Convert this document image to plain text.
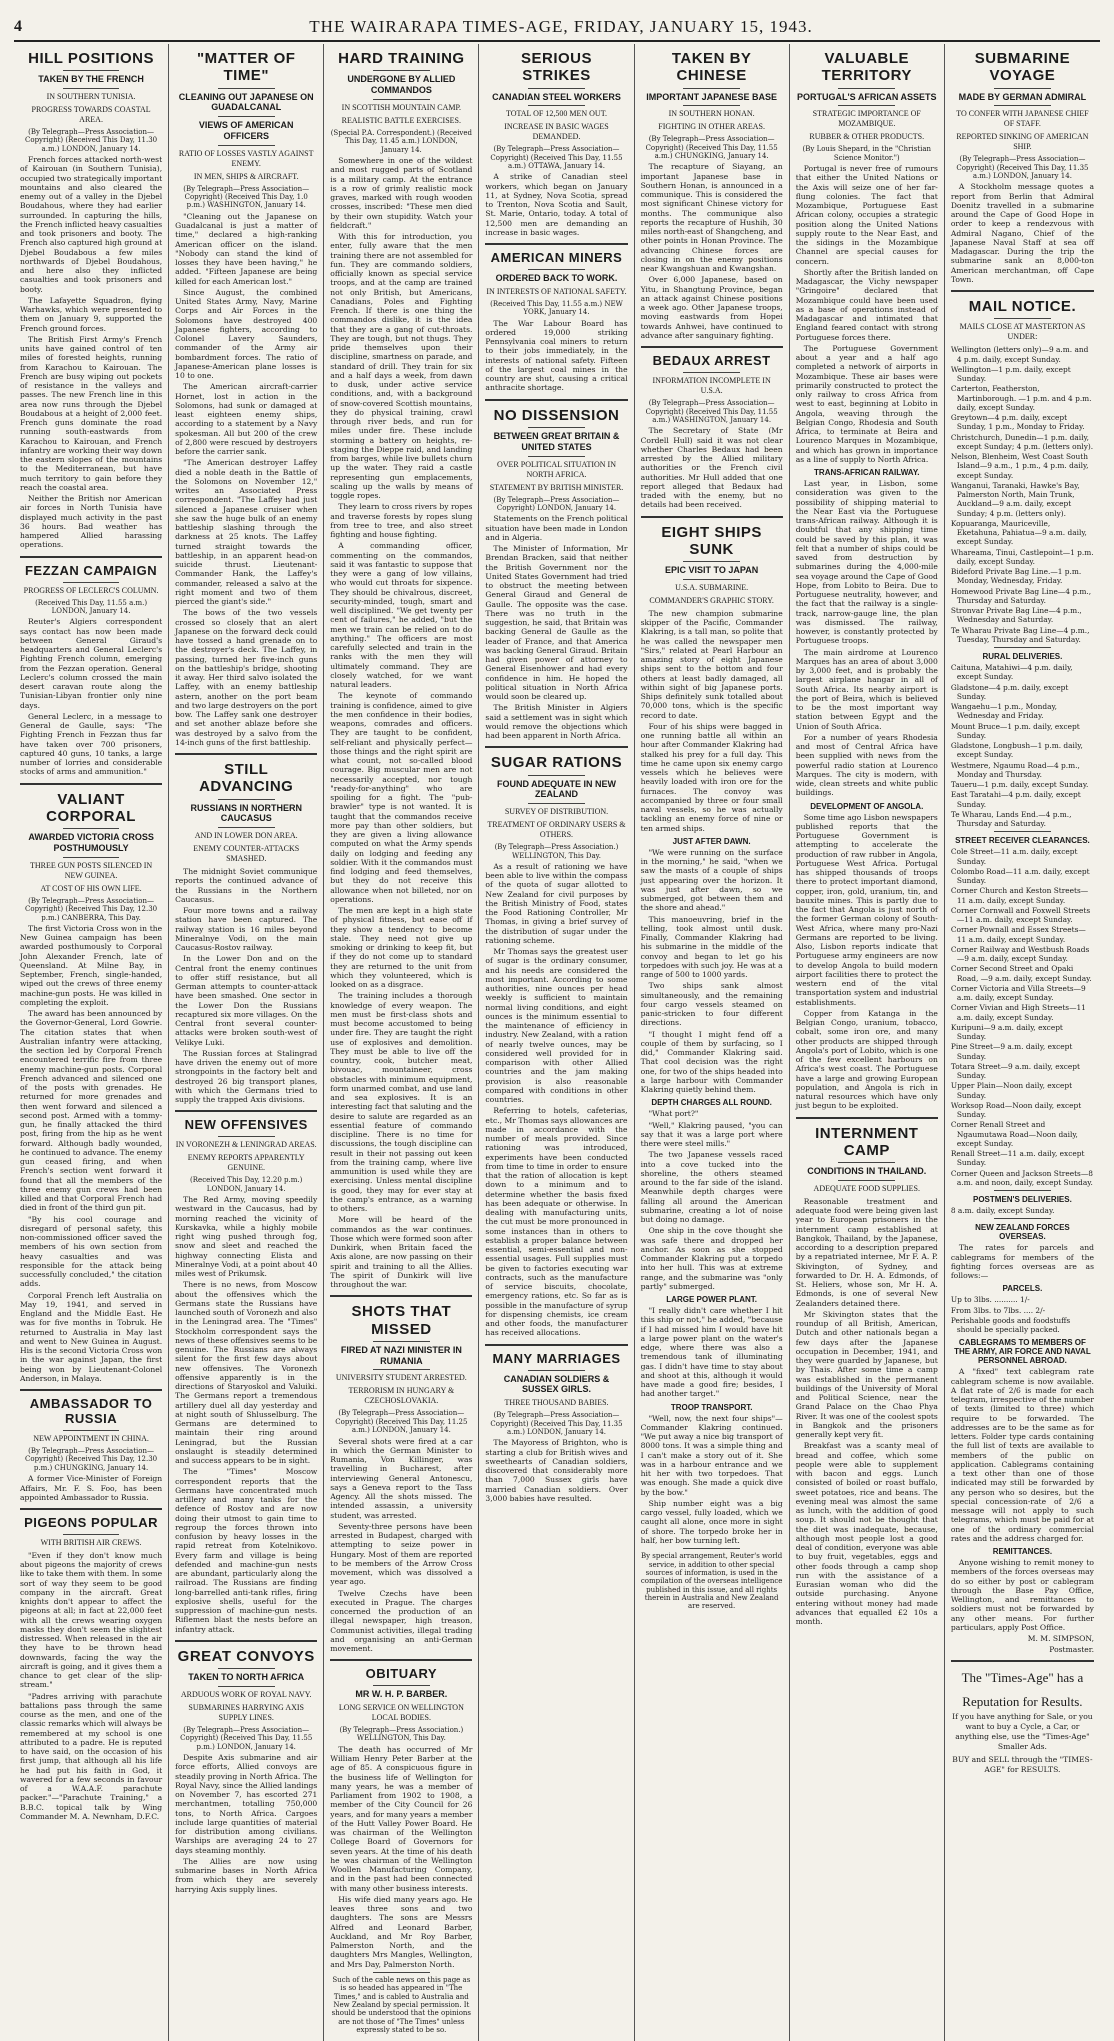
4	THE WAIRARAPA TIMES-AGE, FRIDAY, JANUARY 15, 1943.
HILL POSITIONS
TAKEN BY THE FRENCH
IN SOUTHERN TUNISIA.
PROGRESS TOWARDS COASTAL AREA.
(By Telegraph—Press Association—Copyright) (Received This Day, 11.30 a.m.) LONDON, January 14.

French forces attacked north-west of Kairouan (in Southern Tunisia), occupied two strategically important mountains and also cleared the enemy out of a valley in the Djebel Boudahous, where they had earlier surrounded. In capturing the hills, the French inflicted heavy casualties and took prisoners and booty. The French also captured high ground at Djebel Boudabous a few miles northwards of Djebel Boudahous, and here also they inflicted casualties and took prisoners and booty.

The Lafayette Squadron, flying Warhawks, which were presented to them on January 9, supported the French ground forces.

The British First Army's French units have gained control of ten miles of forested heights, running from Karachou to Kairouan. The French are busy wiping out pockets of resistance in the valleys and passes. The new French line in this area now runs through the Djebel Boudabous at a height of 2,000 feet. French guns dominate the road running south-eastwards from Karachou to Kairouan, and French infantry are working their way down the eastern slopes of the mountains to the Mediterranean, but have much territory to gain before they reach the coastal area.

Neither the British nor American air forces in North Tunisia have displayed much activity in the past 36 hours. Bad weather has hampered Allied harassing operations.

FEZZAN CAMPAIGN
PROGRESS OF LECLERC'S COLUMN.
(Received This Day, 11.55 a.m.) LONDON, January 14.

Reuter's Algiers correspondent says contact has now been made between General Giraud's headquarters and General Leclerc's Fighting French column, emerging from the Fezzan operation. General Leclerc's column crossed the main desert caravan route along the Tunisian-Libyan frontier only nine days.

General Leclerc, in a message to General de Gaulle, says: "The Fighting French in Fezzan thus far have taken over 700 prisoners, captured 40 guns, 10 tanks, a large number of lorries and considerable stocks of arms and ammunition."

VALIANT CORPORAL
AWARDED VICTORIA CROSS POSTHUMOUSLY
THREE GUN POSTS SILENCED IN NEW GUINEA.
AT COST OF HIS OWN LIFE.
(By Telegraph—Press Association—Copyright) (Received This Day, 12.30 p.m.) CANBERRA, This Day.

The first Victoria Cross won in the New Guinea campaign has been awarded posthumously to Corporal John Alexander French, late of Queensland. At Milne Bay, in September, French, single-handed, wiped out the crews of three enemy machine-gun posts. He was killed in completing the exploit.

The award has been announced by the Governor-General, Lord Gowrie. The citation states that when Australian infantry were attacking, the section led by Corporal French encountered terrific fire from three enemy machine-gun posts. Corporal French advanced and silenced one of the posts with grenades. He returned for more grenades and then went forward and silenced a second post. Armed with a tommy-gun, he finally attacked the third post, firing from the hip as he went forward. Although badly wounded, he continued to advance. The enemy gun ceased firing, and when French's section went forward it found that all the members of the three enemy gun crews had been killed and that Corporal French had died in front of the third gun pit.

"By his cool courage and disregard of personal safety, this non-commissioned officer saved the members of his own section from heavy casualties and was responsible for the attack being successfully concluded," the citation adds.

Corporal French left Australia on May 19, 1941, and served in England and the Middle East. He was for five months in Tobruk. He returned to Australia in May last and went to New Guinea in August. His is the second Victoria Cross won in the war against Japan, the first being won by Lieutenant-Colonel Anderson, in Malaya.

AMBASSADOR TO RUSSIA
NEW APPOINTMENT IN CHINA.
(By Telegraph—Press Association—Copyright) (Received This Day, 12.30 p.m.) CHUNGKING, January 14.

A former Vice-Minister of Foreign Affairs, Mr. F. S. Foo, has been appointed Ambassador to Russia.

PIGEONS POPULAR
WITH BRITISH AIR CREWS.

"Even if they don't know much about pigeons the majority of crews like to take them with them. In some sort of way they seem to be good company in the aircraft. Great knights don't appear to affect the pigeons at all; in fact at 22,000 feet with all the crews wearing oxygen masks they don't seem the slightest distressed. When released in the air they have to be thrown head downwards, facing the way the aircraft is going, and it gives them a chance to get clear of the slip-stream."

"Padres arriving with parachute battalions pass through the same course as the men, and one of the classic remarks which will always be remembered at my school is one attributed to a padre. He is reputed to have said, on the occasion of his first jump, that although all his life he had put his faith in God, it wavered for a few seconds in favour of a W.A.A.F. parachute packer."—"Parachute Training," a B.B.C. topical talk by Wing Commander M. A. Newnham, D.F.C.

"MATTER OF TIME"
CLEANING OUT JAPANESE ON GUADALCANAL
VIEWS OF AMERICAN OFFICERS
RATIO OF LOSSES VASTLY AGAINST ENEMY.
IN MEN, SHIPS & AIRCRAFT.
(By Telegraph—Press Association—Copyright) (Received This Day, 1.0 p.m.) WASHINGTON, January 14.

"Cleaning out the Japanese on Guadalcanal is just a matter of time," declared a high-ranking American officer on the island. "Nobody can stand the kind of losses they have been having," he added. "Fifteen Japanese are being killed for each American lost."

Since August, the combined United States Army, Navy, Marine Corps and Air Forces in the Solomons have destroyed 400 Japanese fighters, according to Colonel Lavery Saunders, commander of the Army air bombardment forces. The ratio of Japanese-American plane losses is 10 to one.

The American aircraft-carrier Hornet, lost in action in the Solomons, had sunk or damaged at least eighteen enemy ships, according to a statement by a Navy spokesman. All but 200 of the crew of 2,800 were rescued by destroyers before the carrier sank.

"The American destroyer Laffey died a noble death in the Battle of the Solomons on November 12," writes an Associated Press correspondent. "The Laffey had just silenced a Japanese cruiser when she saw the huge bulk of an enemy battleship slashing through the darkness at 25 knots. The Laffey turned straight towards the battleship, in an apparent head-on suicide thrust. Lieutenant-Commander Hank, the Laffey's commander, released a salvo at the right moment and two of them pierced the giant's side."

The bows of the two vessels crossed so closely that an alert Japanese on the forward deck could have tossed a hand grenade on to the destroyer's deck. The Laffey, in passing, turned her five-inch guns on the battleship's bridge, shooting it away. Her third salvo isolated the Laffey, with an enemy battleship astern, another on the port beam and two large destroyers on the port bow. The Laffey sank one destroyer and set another ablaze before she was destroyed by a salvo from the 14-inch guns of the first battleship.

STILL ADVANCING
RUSSIANS IN NORTHERN CAUCASUS
AND IN LOWER DON AREA.
ENEMY COUNTER-ATTACKS SMASHED.

The midnight Soviet communique reports the continued advance of the Russians in the Northern Caucasus.

Four more towns and a railway station have been captured. The railway station is 16 miles beyond Mineralnye Vodi, on the main Caucasus-Rostov railway.

In the Lower Don and on the Central front the enemy continues to offer stiff resistance, but all German attempts to counter-attack have been smashed. One sector in the Lower Don the Russians recaptured six more villages. On the Central front several counter-attacks were broken south-west of Velikye Luki.

The Russian forces at Stalingrad have driven the enemy out of more strongpoints in the factory belt and destroyed 26 big transport planes, with which the Germans tried to supply the trapped Axis divisions.

NEW OFFENSIVES
IN VORONEZH & LENINGRAD AREAS.
ENEMY REPORTS APPARENTLY GENUINE.
(Received This Day, 12.20 p.m.) LONDON, January 14.

The Red Army, moving speedily westward in the Caucasus, had by morning reached the vicinity of Kurskavka, while a highly mobile right wing pushed through fog, snow and sleet and reached the highway connecting Elista and Mineralnye Vodi, at a point about 40 miles west of Prikumsk.

There is no news, from Moscow about the offensives which the Germans state the Russians have launched south of Voronezh and also in the Leningrad area. The "Times" Stockholm correspondent says the news of these offensives seems to be genuine. The Russians are always silent for the first few days about new offensives. The Voronezh offensive apparently is in the directions of Staryoskol and Valuiki. The Germans report a tremendous artillery duel all day yesterday and at night south of Shlusselburg. The Germans are determined to maintain their ring around Leningrad, but the Russian onslaught is steadily determined and success appears to be in sight.

The "Times" Moscow correspondent reports that the Germans have concentrated much artillery and many tanks for the defence of Rostov and are now doing their utmost to gain time to regroup the forces thrown into confusion by heavy losses in the rapid retreat from Kotelnikovo. Every farm and village is being defended and machine-gun nests are abundant, particularly along the railroad. The Russians are finding long-barrelled anti-tank rifles, firing explosive shells, useful for the suppression of machine-gun nests. Riflemen blast the nests before an infantry attack.

GREAT CONVOYS
TAKEN TO NORTH AFRICA
ARDUOUS WORK OF ROYAL NAVY.
SUBMARINES HARRYING AXIS SUPPLY LINES.
(By Telegraph—Press Association—Copyright) (Received This Day, 11.55 p.m.) LONDON, January 14.

Despite Axis submarine and air force efforts, Allied convoys are steadily proving in North Africa. The Royal Navy, since the Allied landings on November 7, has escorted 271 merchantmen, totalling 750,000 tons, to North Africa. Cargoes include large quantities of material for distribution among civilians. Warships are averaging 24 to 27 days steaming monthly.

The Allies are now using submarine bases in North Africa from which they are severely harrying Axis supply lines.

HARD TRAINING
UNDERGONE BY ALLIED COMMANDOS
IN SCOTTISH MOUNTAIN CAMP.
REALISTIC BATTLE EXERCISES.
(Special P.A. Correspondent.) (Received This Day, 11.45 a.m.) LONDON, January 14.

Somewhere in one of the wildest and most rugged parts of Scotland is a military camp. At the entrance is a row of grimly realistic mock graves, marked with rough wooden crosses, inscribed: "These men died by their own stupidity. Watch your fieldcraft."

With this for introduction, you enter, fully aware that the men training there are not assembled for fun. They are commando soldiers, officially known as special service troops, and at the camp are trained not only British, but Americans, Canadians, Poles and Fighting French. If there is one thing the commandos dislike, it is the idea that they are a gang of cut-throats. They are tough, but not thugs. They pride themselves upon their discipline, smartness on parade, and standard of drill. They train for six and a half days a week, from dawn to dusk, under active service conditions, and, with a background of snow-covered Scottish mountains, they do physical training, crawl through river beds, and run for miles under fire. These include storming a battery on heights, re-staging the Dieppe raid, and landing from barges, while live bullets churn up the water. They raid a castle representing gun emplacements, scaling up the walls by means of toggle ropes.

They learn to cross rivers by ropes and traverse forests by ropes slung from tree to tree, and also street fighting and house fighting.

A commanding officer, commenting on the commandos, said it was fantastic to suppose that they were a gang of low villains, who would cut throats for sixpence. They should be chivalrous, discreet, security-minded, tough, smart and well disciplined. "We get twenty per cent of failures," he added, "but the men we train can be relied on to do anything." The officers are most carefully selected and train in the ranks with the men they will ultimately command. They are closely watched, for we want natural leaders.

The keynote of commando training is confidence, aimed to give the men confidence in their bodies, weapons, comrades and officers. They are taught to be confident, self-reliant and physically perfect—those things and the right spirit are what count, not so-called blood courage. Big muscular men are not necessarily accepted, nor tough "ready-for-anything" who are spoiling for a fight. The "pub-brawler" type is not wanted. It is taught that the commandos receive more pay than other soldiers, but they are given a living allowance computed on what the Army spends daily on lodging and feeding any soldier. With it the commandos must find lodging and feed themselves, but they do not receive this allowance when not billeted, nor on operations.

The men are kept in a high state of physical fitness, but ease off if they show a tendency to become stale. They need not give up smoking or drinking to keep fit, but if they do not come up to standard they are returned to the unit from which they volunteered, which is looked on as a disgrace.

The training includes a thorough knowledge of every weapon. The men must be first-class shots and must become accustomed to being under fire. They are taught the right use of explosives and demolition. They must be able to live off the country, cook, butcher meat, bivouac, mountaineer, cross obstacles with minimum equipment, form unarmed combat, and use land and sea explosives. It is an interesting fact that saluting and the desire to salute are regarded as an essential feature of commando discipline. There is no time for discussions, the tough discipline can result in their not passing out keen from the training camp, where live ammunition is used while they are exercising. Unless mental discipline is good, they may for ever stay at the camp's entrance, as a warning to others.

More will be heard of the commandos as the war continues. Those which were formed soon after Dunkirk, when Britain faced the Axis alone, are now passing on their spirit and training to all the Allies. The spirit of Dunkirk will live throughout the war.

SHOTS THAT MISSED
FIRED AT NAZI MINISTER IN RUMANIA
UNIVERSITY STUDENT ARRESTED.
TERRORISM IN HUNGARY & CZECHOSLOVAKIA.
(By Telegraph—Press Association—Copyright) (Received This Day, 11.25 a.m.) LONDON, January 14.

Several shots were fired at a car in which the German Minister to Rumania, Von Killinger, was travelling in Bucharest, after interviewing General Antonescu, says a Geneva report to the Tass Agency. All the shots missed. The intended assassin, a university student, was arrested.

Seventy-three persons have been arrested in Budapest, charged with attempting to seize power in Hungary. Most of them are reported to be members of the Arrow Cross movement, which was dissolved a year ago.

Twelve Czechs have been executed in Prague. The charges concerned the production of an illegal newspaper, high treason, Communist activities, illegal trading and organising an anti-German movement.

OBITUARY
MR W. H. P. BARBER.
LONG SERVICE ON WELLINGTON LOCAL BODIES.
(By Telegraph—Press Association.) WELLINGTON, This Day.

The death has occurred of Mr William Henry Peter Barber at the age of 85. A conspicuous figure in the business life of Wellington for many years, he was a member of Parliament from 1902 to 1908, a member of the City Council for 26 years, and for many years a member of the Hutt Valley Power Board. He was chairman of the Wellington College Board of Governors for seven years. At the time of his death he was chairman of the Wellington Woollen Manufacturing Company, and in the past had been connected with many other business interests.

His wife died many years ago. He leaves three sons and two daughters. The sons are Messrs Alfred and Leonard Barber, Auckland, and Mr Roy Barber, Palmerston North, and the daughters Mrs Mangles, Wellington, and Mrs Day, Palmerston North.

Such of the cable news on this page as is so headed has appeared in "The Times," and is cabled to Australia and New Zealand by special permission. It should be understood that the opinions are not those of "The Times" unless expressly stated to be so.

SERIOUS STRIKES
CANADIAN STEEL WORKERS
TOTAL OF 12,500 MEN OUT.
INCREASE IN BASIC WAGES DEMANDED.
(By Telegraph—Press Association—Copyright) (Received This Day, 11.55 a.m.) OTTAWA, January 14.

A strike of Canadian steel workers, which began on January 11, at Sydney, Nova Scotia, spread to Trenton, Nova Scotia and Sault, St. Marie, Ontario, today. A total of 12,500 men are demanding an increase in basic wages.

AMERICAN MINERS
ORDERED BACK TO WORK.
IN INTERESTS OF NATIONAL SAFETY.
(Received This Day, 11.55 a.m.) NEW YORK, January 14.

The War Labour Board has ordered 19,000 striking Pennsylvania coal miners to return to their jobs immediately, in the interests of national safety. Fifteen of the largest coal mines in the country are shut, causing a critical anthracite shortage.

NO DISSENSION
BETWEEN GREAT BRITAIN & UNITED STATES
OVER POLITICAL SITUATION IN NORTH AFRICA.
STATEMENT BY BRITISH MINISTER.
(By Telegraph—Press Association—Copyright) LONDON, January 14.

Statements on the French political situation have been made in London and in Algeria.

The Minister of Information, Mr Brendan Bracken, said that neither the British Government nor the United States Government had tried to obstruct the meeting between General Giraud and General de Gaulle. The opposite was the case. There was no truth in the suggestion, he said, that Britain was backing General de Gaulle as the leader of France, and that America was backing General Giraud. Britain had given power of attorney to General Eisenhower and had every confidence in him. He hoped the political situation in North Africa would soon be cleared up.

The British Minister in Algiers said a settlement was in sight which would remove the objections which had been apparent in North Africa.

SUGAR RATIONS
FOUND ADEQUATE IN NEW ZEALAND
SURVEY OF DISTRIBUTION.
TREATMENT OF ORDINARY USERS & OTHERS.
(By Telegraph—Press Association.) WELLINGTON, This Day.

As a result of rationing we have been able to live within the compass of the quota of sugar allotted to New Zealand for civil purposes by the British Ministry of Food, states the Food Rationing Controller, Mr Thomas, in giving a brief survey of the distribution of sugar under the rationing scheme.

Mr Thomas says the greatest user of sugar is the ordinary consumer, and his needs are considered the most important. According to some authorities, nine ounces per head weekly is sufficient to maintain normal living conditions, and eight ounces is the minimum essential to the maintenance of efficiency in industry. New Zealand, with a ration of nearly twelve ounces, may be considered well provided for in comparison with other Allied countries and the jam making provision is also reasonable compared with conditions in other countries.

Referring to hotels, cafeterias, etc., Mr Thomas says allowances are made in accordance with the number of meals provided. Since rationing was introduced, experiments have been conducted from time to time in order to ensure that the ration of allocation is kept down to a minimum and to determine whether the basis fixed has been adequate or otherwise. In dealing with manufacturing units, the cut must be more pronounced in some instances than in others to establish a proper balance between essential, semi-essential and non-essential usages. Full supplies must be given to factories executing war contracts, such as the manufacture of service biscuits, chocolate, emergency rations, etc. So far as is possible in the manufacture of syrup for dispensing chemists, ice cream and other foods, the manufacturer has received allocations.

MANY MARRIAGES
CANADIAN SOLDIERS & SUSSEX GIRLS.
THREE THOUSAND BABIES.
(By Telegraph—Press Association—Copyright) (Received This Day, 11.35 a.m.) LONDON, January 14.

The Mayoress of Brighton, who is starting a club for British wives and sweethearts of Canadian soldiers, discovered that considerably more than 7,000 Sussex girls have married Canadian soldiers. Over 3,000 babies have resulted.

TAKEN BY CHINESE
IMPORTANT JAPANESE BASE
IN SOUTHERN HONAN.
FIGHTING IN OTHER AREAS.
(By Telegraph—Press Association—Copyright) (Received This Day, 11.55 a.m.) CHUNGKING, January 14.

The recapture of Siayang, an important Japanese base in Southern Honan, is announced in a communique. This is considered the most significant Chinese victory for months. The communique also reports the recapture of Hushih, 30 miles north-east of Shangcheng, and other points in Honan Province. The advancing Chinese forces are closing in on the enemy positions near Kwangshuan and Kwangshan.

Over 6,000 Japanese, based on Yitu, in Shangtung Province, began an attack against Chinese positions a week ago. Other Japanese troops, moving eastwards from Hopei towards Anhwei, have continued to advance after sanguinary fighting.

BEDAUX ARREST
INFORMATION INCOMPLETE IN U.S.A.
(By Telegraph—Press Association—Copyright) (Received This Day, 11.55 a.m.) WASHINGTON, January 14.

The Secretary of State (Mr Cordell Hull) said it was not clear whether Charles Bedaux had been arrested by the Allied military authorities or the French civil authorities. Mr Hull added that one report alleged that Bedaux had traded with the enemy, but no details had been received.

EIGHT SHIPS SUNK
EPIC VISIT TO JAPAN
U.S.A. SUBMARINE.
COMMANDER'S GRAPHIC STORY.

The new champion submarine skipper of the Pacific, Commander Klakring, is a tall man, so polite that he was called the newspaper men "Sirs," related at Pearl Harbour an amazing story of eight Japanese ships sent to the bottom and four others at least badly damaged, all within sight of big Japanese ports. Ships definitely sunk totalled about 70,000 tons, which is the specific record to date.

Four of his ships were bagged in one running battle all within an hour after Commander Klakring had stalked his prey for a full day. This time he came upon six enemy cargo vessels which he believes were heavily loaded with iron ore for the furnaces. The convoy was accompanied by three or four small naval vessels, so he was actually tackling an enemy force of nine or ten armed ships.

JUST AFTER DAWN.

"We were running on the surface in the morning," he said, "when we saw the masts of a couple of ships just appearing over the horizon. It was just after dawn, so we submerged, got between them and the shore and ahead."

This manoeuvring, brief in the telling, took almost until dusk. Finally, Commander Klakring had his submarine in the middle of the convoy and began to let go his torpedoes with such joy. He was at a range of 500 to 1000 yards.

Two ships sank almost simultaneously, and the remaining four cargo vessels steamed on panic-stricken to four different directions.

"I thought I might fend off a couple of them by surfacing, so I did," Commander Klakring said. That cool decision was the right one, for two of the ships headed into a large harbour with Commander Klakring quietly behind them.

DEPTH CHARGES ALL ROUND.

"What port?"

"Well," Klakring paused, "you can say that it was a large port where there were steel mills."

The two Japanese vessels raced into a cove tucked into the shoreline, the others steamed around to the far side of the island. Meanwhile depth charges were falling all around the American submarine, creating a lot of noise but doing no damage.

One ship in the cove thought she was safe there and dropped her anchor. As soon as she stopped Commander Klakring put a torpedo into her hull. This was at extreme range, and the submarine was "only partly" submerged.

LARGE POWER PLANT.

"I really didn't care whether I hit this ship or not," he added, "because if I had missed him I would have hit a large power plant on the water's edge, where there was also a tremendous tank of illuminating gas. I didn't have time to stay about and shoot at this, although it would have made a good fire; besides, I had another target."

TROOP TRANSPORT.

"Well, now, the next four ships"—Commander Klakring continued. "We put away a nice big transport of 8000 tons. It was a simple thing and I can't make a story out of it. She was in a harbour entrance and we hit her with two torpedoes. That was enough. She made a quick dive by the bow."

Ship number eight was a big cargo vessel, fully loaded, which we caught all alone, once more in sight of shore. The torpedo broke her in half, her bow turning left.

By special arrangement, Reuter's world service, in addition to other special sources of information, is used in the compilation of the overseas intelligence published in this issue, and all rights therein in Australia and New Zealand are reserved.

VALUABLE TERRITORY
PORTUGAL'S AFRICAN ASSETS
STRATEGIC IMPORTANCE OF MOZAMBIQUE.
RUBBER & OTHER PRODUCTS.
(By Louis Shepard, in the "Christian Science Monitor.")

Portugal is never free of rumours that either the United Nations or the Axis will seize one of her far-flung colonies. The fact that Mozambique, Portuguese East African colony, occupies a strategic position along the United Nations supply route to the Near East, and the sidings in the Mozambique Channel are special causes for concern.

Shortly after the British landed on Madagascar, the Vichy newspaper "Gringoire" declared that Mozambique could have been used as a base of operations instead of Madagascar and intimated that England feared contact with strong Portuguese forces there.

The Portuguese Government about a year and a half ago completed a network of airports in Mozambique. These air bases were primarily constructed to protect the only railway to cross Africa from west to east, beginning at Lobito in Angola, weaving through the Belgian Congo, Rhodesia and South Africa, to terminate at Beira and Lourenco Marques in Mozambique, and which has grown in importance as a line of supply to North Africa.

TRANS-AFRICAN RAILWAY.

Last year, in Lisbon, some consideration was given to the possibility of shipping material to the Near East via the Portuguese trans-African railway. Although it is doubtful that any shipping time could be saved by this plan, it was felt that a number of ships could be saved from destruction by submarines during the 4,000-mile sea voyage around the Cape of Good Hope, from Lobito to Beira. Due to Portuguese neutrality, however, and the fact that the railway is a single-track, narrow-gauge line, the plan was dismissed. The railway, however, is constantly protected by Portuguese troops.

The main airdrome at Lourenco Marques has an area of about 3,000 by 3,000 feet, and is probably the largest airplane hangar in all of South Africa. Its nearby airport is the port of Beira, which is believed to be the most important way station between Egypt and the Union of South Africa.

For a number of years Rhodesia and most of Central Africa have been supplied with news from the powerful radio station at Lourenco Marques. The city is modern, with wide, clean streets and white public buildings.

DEVELOPMENT OF ANGOLA.

Some time ago Lisbon newspapers published reports that the Portuguese Government is attempting to accelerate the production of raw rubber in Angola, Portuguese West Africa. Portugal has shipped thousands of troops there to protect important diamond, copper, iron, gold, uranium, tin, and bauxite mines. This is partly due to the fact that Angola is just north of the former German colony of South-West Africa, where many pro-Nazi Germans are reported to be living. Also, Lisbon reports indicate that Portuguese army engineers are now to develop Angola to build modern airport facilities there to protect the western end of the vital transportation system and industrial establishments.

Copper from Katanga in the Belgian Congo, uranium, tobacco, cobalt, some iron ore, and many other products are shipped through Angola's port of Lobito, which is one of the few excellent harbours on Africa's west coast. The Portuguese have a large and growing European population, and Angola is rich in natural resources which have only just begun to be exploited.

INTERNMENT CAMP
CONDITIONS IN THAILAND.
ADEQUATE FOOD SUPPLIES.

Reasonable treatment and adequate food were being given last year to European prisoners in the internment camp established at Bangkok, Thailand, by the Japanese, according to a description prepared by a repatriated internee, Mr F. A. P. Skivington, of Sydney, and forwarded to Dr. H. A. Edmonds, of St. Heliers, whose son, Mr H. A. Edmonds, is one of several New Zealanders detained there.

Mr Skivington states that the roundup of all British, American, Dutch and other nationals began a few days after the Japanese occupation in December, 1941, and they were guarded by Japanese, but by Thais. After some time a camp was established in the permanent buildings of the University of Moral and Political Science, near the Grand Palace on the Chao Phya River. It was one of the coolest spots in Bangkok and the prisoners generally kept very fit.

Breakfast was a scanty meal of bread and coffee, which some people were able to supplement with bacon and eggs. Lunch consisted of boiled or roast buffalo, sweet potatoes, rice and beans. The evening meal was almost the same as lunch, with the addition of good soup. It should not be thought that the diet was inadequate, because, although most people lost a good deal of condition, everyone was able to buy fruit, vegetables, eggs and other foods through a camp shop run with the assistance of a Eurasian woman who did the outside purchasing. Anyone entering without money had made advances that equalled £2 10s a month.

SUBMARINE VOYAGE
MADE BY GERMAN ADMIRAL
TO CONFER WITH JAPANESE CHIEF OF STAFF.
REPORTED SINKING OF AMERICAN SHIP.
(By Telegraph—Press Association—Copyright) (Received This Day, 11.35 a.m.) LONDON, January 14.

A Stockholm message quotes a report from Berlin that Admiral Doenitz travelled in a submarine around the Cape of Good Hope in order to keep a rendezvous with Admiral Nagano, Chief of the Japanese Naval Staff at sea off Madagascar. During the trip the submarine sank an 8,000-ton American merchantman, off Cape Town.

MAIL NOTICE.
MAILS CLOSE AT MASTERTON AS UNDER:

Wellington (letters only)—9 a.m. and 4 p.m. daily, except Sunday.

Wellington—1 p.m. daily, except Sunday.

Carterton, Featherston, Martinborough. —1 p.m. and 4 p.m. daily, except Sunday.

Greytown—4 p.m. daily, except Sunday, 1 p.m., Monday to Friday.

Christchurch, Dunedin—1 p.m. daily, except Sunday; 4 p.m. (letters only).

Nelson, Blenheim, West Coast South Island—9 a.m., 1 p.m., 4 p.m. daily, except Sunday.

Wanganui, Taranaki, Hawke's Bay, Palmerston North, Main Trunk, Auckland—9 a.m. daily, except Sunday; 4 p.m. (letters only).

Kopuaranga, Mauriceville, Eketahuna, Pahiatua—9 a.m. daily, except Sunday.

Whareama, Tinui, Castlepoint—1 p.m. daily, except Sunday.

Bideford Private Bag Line.—1 p.m. Monday, Wednesday, Friday.

Homewood Private Bag Line—4 p.m., Thursday and Saturday.

Stronvar Private Bag Line—4 p.m., Wednesday and Saturday.

Te Wharau Private Bag Line—4 p.m., Tuesday, Thursday and Saturday.

RURAL DELIVERIES.

Caituna, Matahiwi—4 p.m. daily, except Sunday.

Gladstone—4 p.m. daily, except Sunday.

Wangaehu—1 p.m., Monday, Wednesday and Friday.

Mount Bruce—1 p.m. daily, except Sunday.

Gladstone, Longbush—1 p.m. daily, except Sunday.

Westmere, Ngaumu Road—4 p.m., Monday and Thursday.

Taueru—1 p.m. daily, except Sunday.

East Taratahi—4 p.m. daily, except Sunday.

Te Wharau, Lands End.—4 p.m., Thursday and Saturday.

STREET RECEIVER CLEARANCES.

Cole Street—11 a.m. daily, except Sunday.

Colombo Road—11 a.m. daily, except Sunday.

Corner Church and Keston Streets—11 a.m. daily, except Sunday.

Corner Cornwall and Foxwell Streets—11 a.m. daily, except Sunday.

Corner Pownall and Essex Streets—11 a.m. daily, except Sunday.

Corner Railway and Westbush Roads—9 a.m. daily, except Sunday.

Corner Second Street and Opaki Road, —9 a.m. daily, except Sunday.

Corner Victoria and Villa Streets—9 a.m. daily, except Sunday.

Corner Vivian and High Streets—11 a.m. daily, except Sunday.

Kuripuni—9 a.m. daily, except Sunday.

Pine Street—9 a.m. daily, except Sunday.

Totara Street—9 a.m. daily, except Sunday.

Upper Plain—Noon daily, except Sunday.

Worksop Road—Noon daily, except Sunday.

Corner Renall Street and Ngaumutawa Road—Noon daily, except Sunday.

Renall Street—11 a.m. daily, except Sunday.

Corner Queen and Jackson Streets—8 a.m. and noon, daily, except Sunday.

POSTMEN'S DELIVERIES.

8 a.m. daily, except Sunday.

NEW ZEALAND FORCES OVERSEAS.

The rates for parcels and cablegrams for members of the fighting forces overseas are as follows:—

PARCELS.

Up to 3lbs. .......... 1/-

From 3lbs. to 7lbs. .... 2/-

Perishable goods and foodstuffs should be specially packed.

CABLEGRAMS TO MEMBERS OF THE ARMY, AIR FORCE AND NAVAL PERSONNEL ABROAD.

A "fixed" text cablegram rate cablegram scheme is now available. A flat rate of 2/6 is made for each telegram, irrespective of the number of texts (limited to three) which require to be forwarded. The addresses are to be the same as for letters. Folder type cards containing the full list of texts are available to members of the public on application. Cablegrams containing a text other than one of those indicated may still be forwarded by any person who so desires, but the special concession-rate of 2/6 a message will not apply to such telegrams, which must be paid for at one of the ordinary commercial rates and the address charged for.

REMITTANCES.

Anyone wishing to remit money to members of the forces overseas may do so either by post or cablegram through the Base Pay Office, Wellington, and remittances to soldiers must not be forwarded by any other means. For further particulars, apply Post Office.

M. M. SIMPSON,
Postmaster.
The "Times-Age" has a
Reputation for Results.

If you have anything for Sale, or you want to buy a Cycle, a Car, or anything else, use the "Times-Age" Smaller Ads.

BUY and SELL through the "TIMES-AGE" for RESULTS.
